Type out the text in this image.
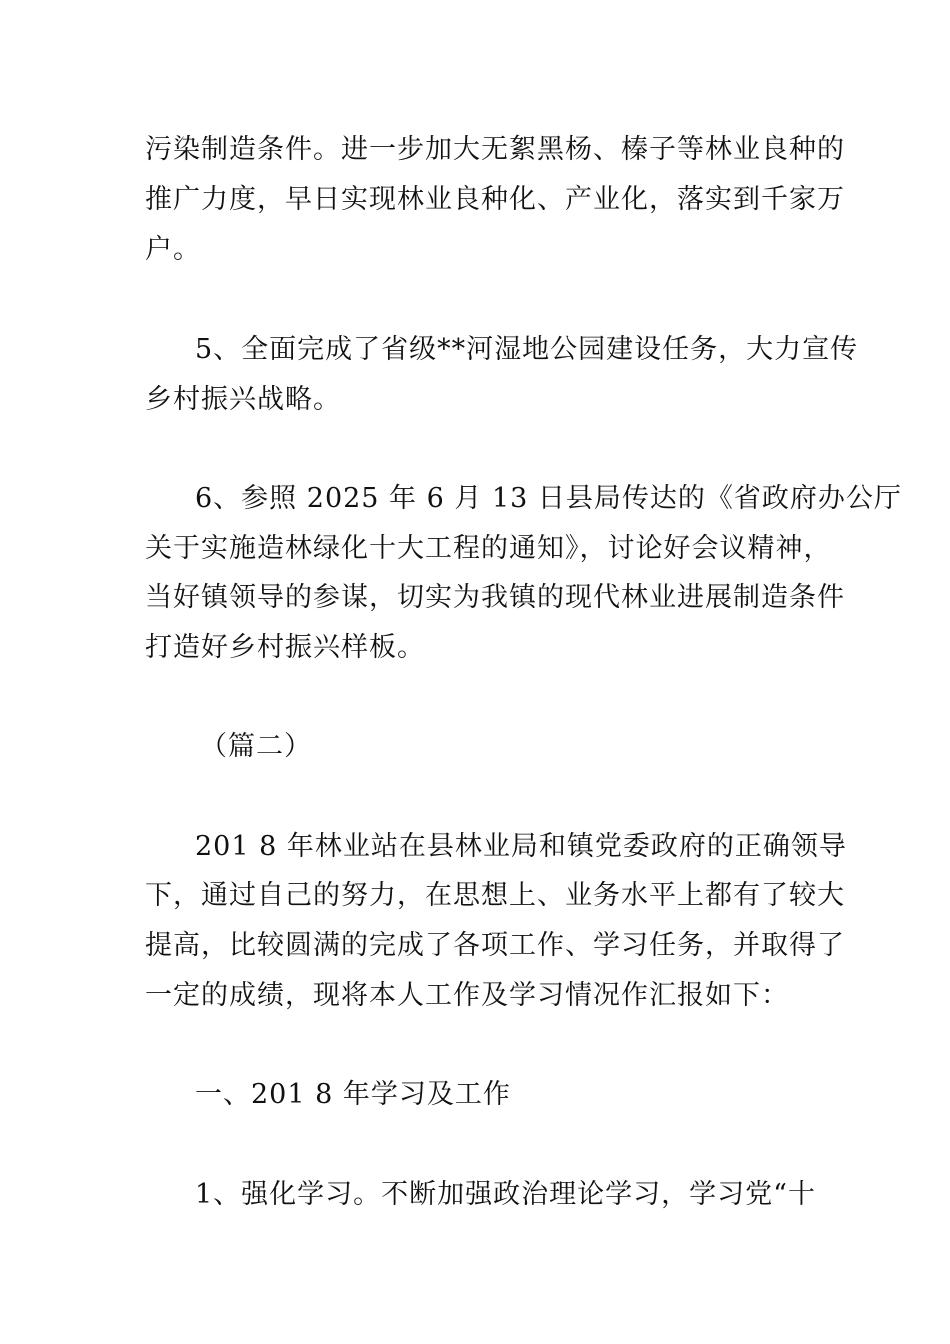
污染制造条件。进一步加大无絮黑杨、榛子等林业良种的
推广力度，早日实现林业良种化、产业化，落实到千家万
户。
5、全面完成了省级**河湿地公园建设任务，大力宣传
乡村振兴战略。
6、参照 2025 年 6 月 13 日县局传达的《省政府办公厅
关于实施造林绿化十大工程的通知》，讨论好会议精神，
当好镇领导的参谋，切实为我镇的现代林业进展制造条件
打造好乡村振兴样板。
（篇二）
201 8 年林业站在县林业局和镇党委政府的正确领导
下，通过自己的努力，在思想上、业务水平上都有了较大
提高，比较圆满的完成了各项工作、学习任务，并取得了
一定的成绩，现将本人工作及学习情况作汇报如下：
一、201 8 年学习及工作
1、强化学习。不断加强政治理论学习，学习党“十
